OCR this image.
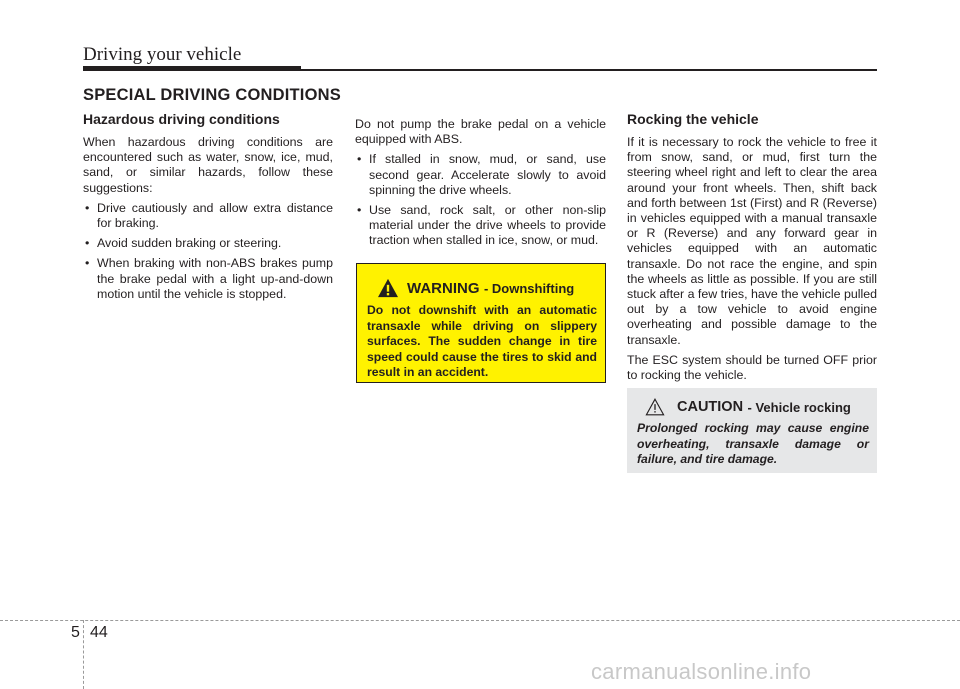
Driving your vehicle
SPECIAL DRIVING CONDITIONS
Hazardous driving conditions

When hazardous driving conditions are encountered such as water, snow, ice, mud, sand, or similar hazards, follow these suggestions:

• Drive cautiously and allow extra distance for braking.
• Avoid sudden braking or steering.
• When braking with non-ABS brakes pump the brake pedal with a light up-and-down motion until the vehicle is stopped.

Do not pump the brake pedal on a vehicle equipped with ABS.

• If stalled in snow, mud, or sand, use second gear. Accelerate slowly to avoid spinning the drive wheels.
• Use sand, rock salt, or other non-slip material under the drive wheels to provide traction when stalled in ice, snow, or mud.
WARNING
- Downshifting
Do not downshift with an automatic transaxle while driving on slippery surfaces. The sudden change in tire speed could cause the tires to skid and result in an accident.
Rocking the vehicle

If it is necessary to rock the vehicle to free it from snow, sand, or mud, first turn the steering wheel right and left to clear the area around your front wheels. Then, shift back and forth between 1st (First) and R (Reverse) in vehicles equipped with a manual transaxle or R (Reverse) and any forward gear in vehicles equipped with an automatic transaxle. Do not race the engine, and spin the wheels as little as possible. If you are still stuck after a few tries, have the vehicle pulled out by a tow vehicle to avoid engine overheating and possible damage to the transaxle.

The ESC system should be turned OFF prior to rocking the vehicle.

CAUTION
- Vehicle rocking
Prolonged rocking may cause engine overheating, transaxle damage or failure, and tire damage.
5 44
carmanualsonline.info
